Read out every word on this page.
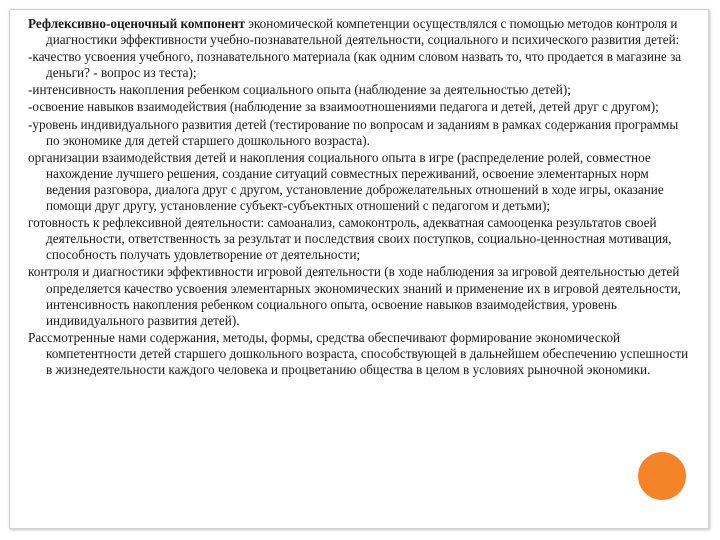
Рефлексивно-оценочный компонент экономической компетенции осуществлялся с помощью методов контроля и диагностики эффективности учебно-познавательной деятельности, социального и психического развития детей:

-качество усвоения учебного, познавательного материала (как одним словом назвать то, что продается в магазине за деньги? - вопрос из теста);

-интенсивность накопления ребенком социального опыта (наблюдение за деятельностью детей);

-освоение навыков взаимодействия (наблюдение за взаимоотношениями педагога и детей, детей друг с другом);

-уровень индивидуального развития детей (тестирование по вопросам и заданиям в рамках содержания программы по экономике для детей старшего дошкольного возраста).

организации взаимодействия детей и накопления социального опыта в игре (распределение ролей, совместное нахождение лучшего решения, создание ситуаций совместных переживаний, освоение элементарных норм ведения разговора, диалога друг с другом, установление доброжелательных отношений в ходе игры, оказание помощи друг другу, установление субъект-субъектных отношений с педагогом и детьми);

готовность к рефлексивной деятельности: самоанализ, самоконтроль, адекватная самооценка результатов своей деятельности, ответственность за результат и последствия своих поступков, социально-ценностная мотивация, способность получать удовлетворение от деятельности;

контроля и диагностики эффективности игровой деятельности (в ходе наблюдения за игровой деятельностью детей определяется качество усвоения элементарных экономических знаний и применение их в игровой деятельности, интенсивность накопления ребенком социального опыта, освоение навыков взаимодействия, уровень индивидуального развития детей).

Рассмотренные нами содержания, методы, формы, средства обеспечивают формирование экономической компетентности детей старшего дошкольного возраста, способствующей в дальнейшем обеспечению успешности в жизнедеятельности каждого человека и процветанию общества в целом в условиях рыночной экономики.
